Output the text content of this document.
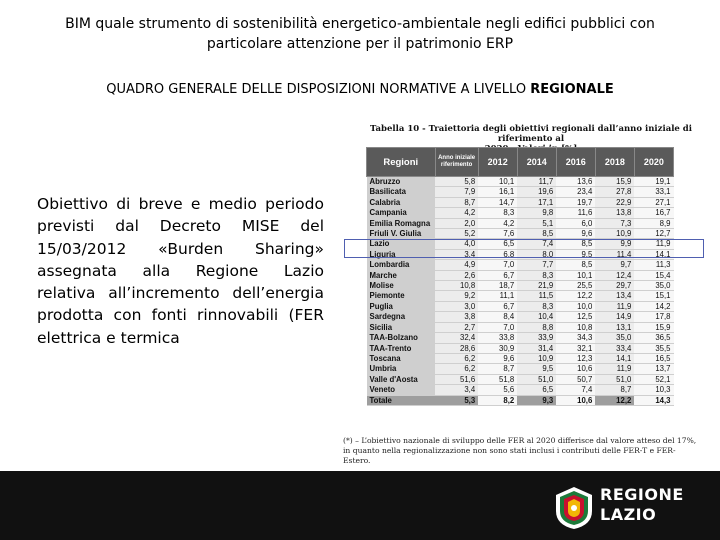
BIM quale strumento di sostenibilità energetico-ambientale negli edifici pubblici con
particolare attenzione per il patrimonio ERP
QUADRO GENERALE DELLE DISPOSIZIONI NORMATIVE A LIVELLO REGIONALE
Obiettivo di breve e medio periodo previsti dal Decreto MISE del 15/03/2012 «Burden Sharing» assegnata alla Regione Lazio relativa all’incremento dell’energia prodotta con fonti rinnovabili (FER elettrica e termica
Tabella 10 - Traiettoria degli obiettivi regionali dall’anno iniziale di riferimento al
Regioni	Anno iniziale riferimento	2012	2014	2016	2018	2020
Abruzzo	5,8	10,1	11,7	13,6	15,9	19,1
Basilicata	7,9	16,1	19,6	23,4	27,8	33,1
Calabria	8,7	14,7	17,1	19,7	22,9	27,1
Campania	4,2	8,3	9,8	11,6	13,8	16,7
Emilia Romagna	2,0	4,2	5,1	6,0	7,3	8,9
Friuli V. Giulia	5,2	7,6	8,5	9,6	10,9	12,7
Lazio	4,0	6,5	7,4	8,5	9,9	11,9
Liguria	3,4	6,8	8,0	9,5	11,4	14,1
Lombardia	4,9	7,0	7,7	8,5	9,7	11,3
Marche	2,6	6,7	8,3	10,1	12,4	15,4
Molise	10,8	18,7	21,9	25,5	29,7	35,0
Piemonte	9,2	11,1	11,5	12,2	13,4	15,1
Puglia	3,0	6,7	8,3	10,0	11,9	14,2
Sardegna	3,8	8,4	10,4	12,5	14,9	17,8
Sicilia	2,7	7,0	8,8	10,8	13,1	15,9
TAA-Bolzano	32,4	33,8	33,9	34,3	35,0	36,5
TAA-Trento	28,6	30,9	31,4	32,1	33,4	35,5
Toscana	6,2	9,6	10,9	12,3	14,1	16,5
Umbria	6,2	8,7	9,5	10,6	11,9	13,7
Valle d'Aosta	51,6	51,8	51,0	50,7	51,0	52,1
Veneto	3,4	5,6	6,5	7,4	8,7	10,3
Totale	5,3	8,2	9,3	10,6	12,2	14,3
(*) – L’obiettivo nazionale di sviluppo delle FER al 2020 differisce dal valore atteso del 17%, in quanto nella regionalizzazione non sono stati inclusi i contributi delle FER-T e FER-Estero.
REGIONE
LAZIO
